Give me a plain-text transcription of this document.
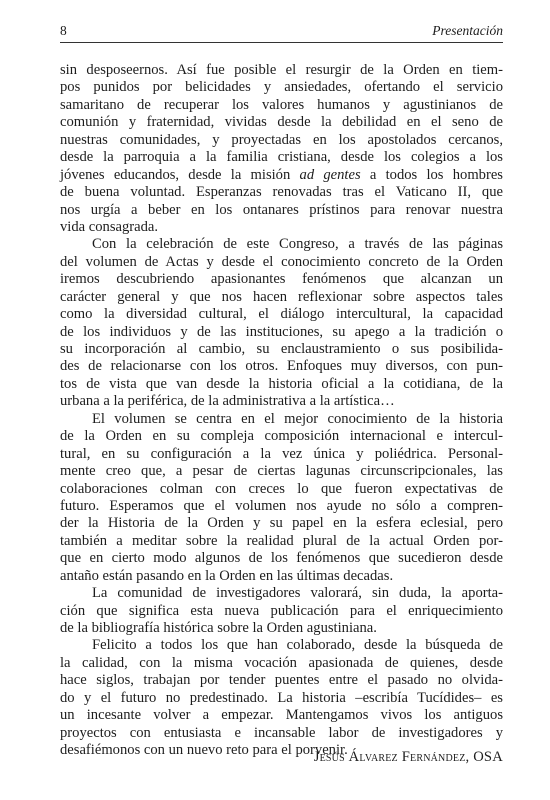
8	Presentación
sin desposeernos. Así fue posible el resurgir de la Orden en tiem-
pos punidos por belicidades y ansiedades, ofertando el servicio
samaritano de recuperar los valores humanos y agustinianos de
comunión y fraternidad, vividas desde la debilidad en el seno de
nuestras comunidades, y proyectadas en los apostolados cercanos,
desde la parroquia a la familia cristiana, desde los colegios a los
jóvenes educandos, desde la misión ad gentes a todos los hombres
de buena voluntad. Esperanzas renovadas tras el Vaticano II, que
nos urgía a beber en los ontanares prístinos para renovar nuestra
vida consagrada.
Con la celebración de este Congreso, a través de las páginas
del volumen de Actas y desde el conocimiento concreto de la Orden
iremos descubriendo apasionantes fenómenos que alcanzan un
carácter general y que nos hacen reflexionar sobre aspectos tales
como la diversidad cultural, el diálogo intercultural, la capacidad
de los individuos y de las instituciones, su apego a la tradición o
su incorporación al cambio, su enclaustramiento o sus posibilida-
des de relacionarse con los otros. Enfoques muy diversos, con pun-
tos de vista que van desde la historia oficial a la cotidiana, de la
urbana a la periférica, de la administrativa a la artística…
El volumen se centra en el mejor conocimiento de la historia
de la Orden en su compleja composición internacional e intercul-
tural, en su configuración a la vez única y poliédrica. Personal-
mente creo que, a pesar de ciertas lagunas circunscripcionales, las
colaboraciones colman con creces lo que fueron expectativas de
futuro. Esperamos que el volumen nos ayude no sólo a compren-
der la Historia de la Orden y su papel en la esfera eclesial, pero
también a meditar sobre la realidad plural de la actual Orden por-
que en cierto modo algunos de los fenómenos que sucedieron desde
antaño están pasando en la Orden en las últimas decadas.
La comunidad de investigadores valorará, sin duda, la aporta-
ción que significa esta nueva publicación para el enriquecimiento
de la bibliografía histórica sobre la Orden agustiniana.
Felicito a todos los que han colaborado, desde la búsqueda de
la calidad, con la misma vocación apasionada de quienes, desde
hace siglos, trabajan por tender puentes entre el pasado no olvida-
do y el futuro no predestinado. La historia –escribía Tucídides– es
un incesante volver a empezar. Mantengamos vivos los antiguos
proyectos con entusiasta e incansable labor de investigadores y
desafiémonos con un nuevo reto para el porvenir.
Jesús Álvarez Fernández, OSA
